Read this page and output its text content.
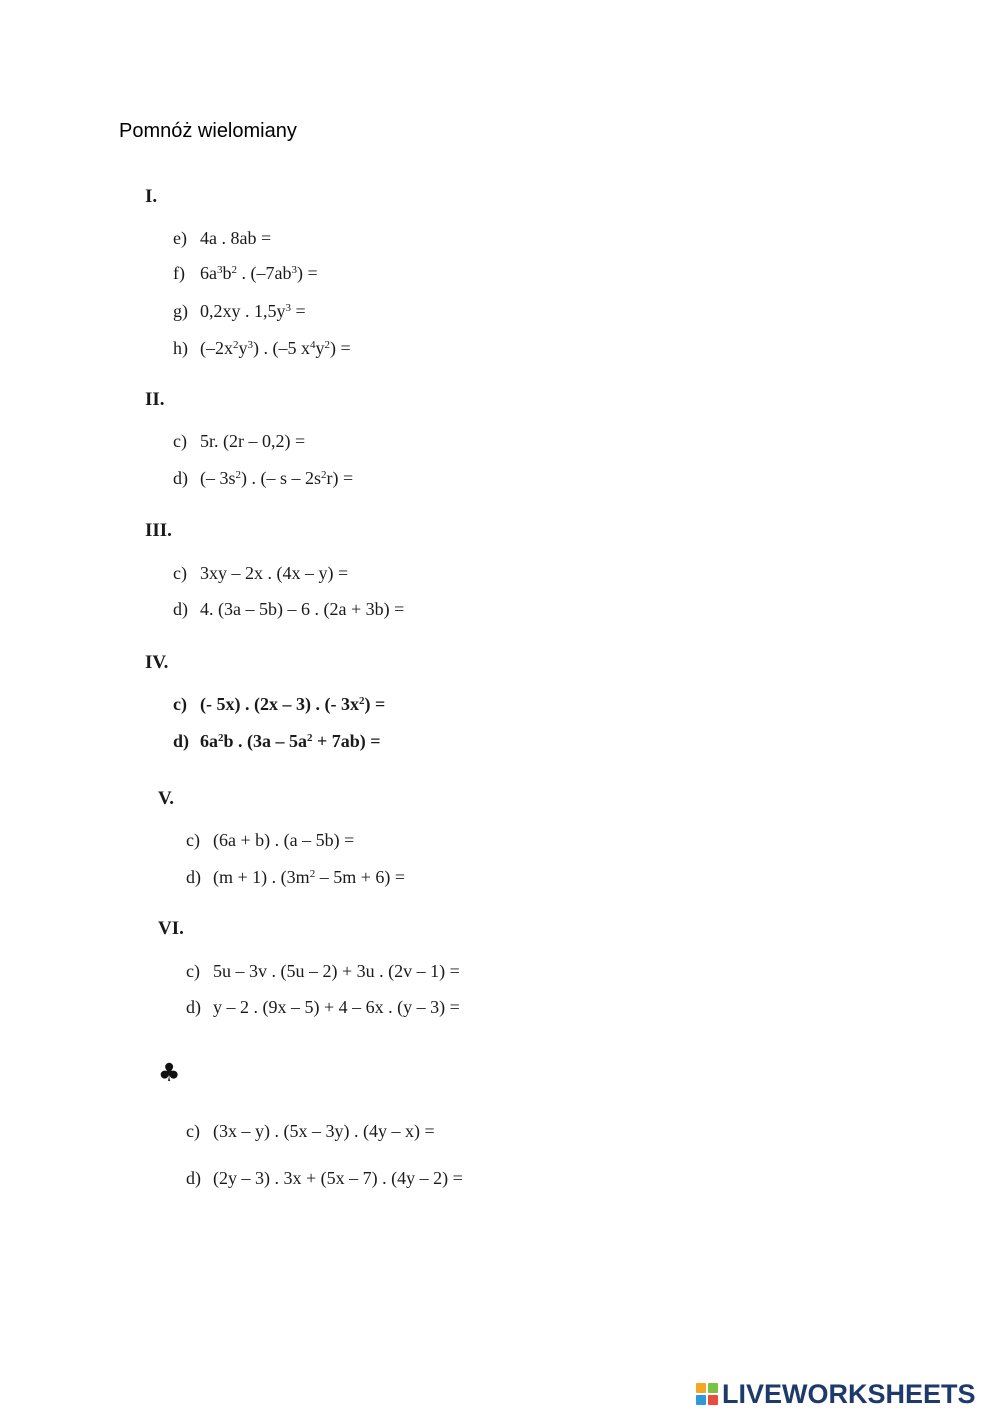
Pomnóż wielomiany

I.

e) 4a . 8ab =

f) $6a^3b^2$ . $(-7ab^3)$ =

g) 0,2xy . $1,5y^3$ =

h) $(-2x^2y^3)$ . (–5 $x^4y^2$) =

II.

c) 5r. (2r – 0,2) =

d) (– $3s^2$) . (– s – $2s^2r$) =

III.

c) 3xy – 2x . (4x – y) =

d) 4. (3a – 5b) – 6 . (2a + 3b) =

IV.

c) (- 5x) . (2x – 3) . (- $3x^2$) =

d) $6a^2b$ . $(3a - 5a^2 + 7ab)$ =

V.

c) (6a + b) . (a – 5b) =

d) (m + 1) . $(3m^2 - 5m + 6)$ =

VI.

c) 5u – 3v . (5u – 2) + 3u . (2v – 1) =

d) y – 2 . (9x – 5) + 4 – 6x . (y – 3) =

♣

c) (3x – y) . (5x – 3y) . (4y – x) =

d) (2y – 3) . 3x + (5x – 7) . (4y – 2) =

LIVEWORKSHEETS
